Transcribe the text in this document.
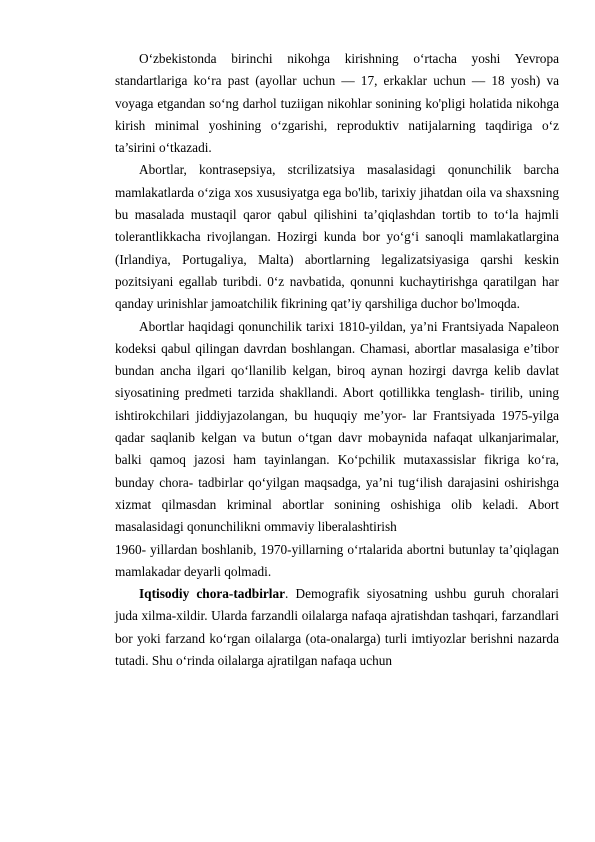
O‘zbekistonda birinchi nikohga kirishning o‘rtacha yoshi Yevropa standartlariga ko‘ra past (ayollar uchun — 17, erkaklar uchun — 18 yosh) va voyaga etgandan so‘ng darhol tuziigan nikohlar sonining ko'pligi holatida nikohga kirish minimal yoshining o‘zgarishi, reproduktiv natijalarning taqdiriga o‘z ta’sirini o‘tkazadi.

Abortlar, kontrasepsiya, stcrilizatsiya masalasidagi qonunchilik barcha mamlakatlarda o‘ziga xos xususiyatga ega bo'lib, tarixiy jihatdan oila va shaxsning bu masalada mustaqil qaror qabul qilishini ta’qiqlashdan tortib to to‘la hajmli tolerantlikkacha rivojlangan. Hozirgi kunda bor yo‘g‘i sanoqli mamlakatlargina (Irlandiya, Portugaliya, Malta) abortlarning legalizatsiyasiga qarshi keskin pozitsiyani egallab turibdi. 0‘z navbatida, qonunni kuchaytirishga qaratilgan har qanday urinishlar jamoatchilik fikrining qat’iy qarshiliga duchor bo'lmoqda.

Abortlar haqidagi qonunchilik tarixi 1810-yildan, ya’ni Frantsiyada Napaleon kodeksi qabul qilingan davrdan boshlangan. Chamasi, abortlar masalasiga e’tibor bundan ancha ilgari qo‘llanilib kelgan, biroq aynan hozirgi davrga kelib davlat siyosatining predmeti tarzida shakllandi. Abort qotillikka tenglash- tirilib, uning ishtirokchilari jiddiyjazolangan, bu huquqiy me’yor- lar Frantsiyada 1975-yilga qadar saqlanib kelgan va butun o‘tgan davr mobaynida nafaqat ulkanjarimalar, balki qamoq jazosi ham tayinlangan. Ko‘pchilik mutaxassislar fikriga ko‘ra, bunday chora- tadbirlar qo‘yilgan maqsadga, ya’ni tug‘ilish darajasini oshirishga xizmat qilmasdan kriminal abortlar sonining oshishiga olib keladi. Abort masalasidagi qonunchilikni ommaviy liberalashtirish

1960- yillardan boshlanib, 1970-yillarning o‘rtalarida abortni butunlay ta’qiqlagan mamlakadar deyarli qolmadi.

Iqtisodiy chora-tadbirlar. Demografik siyosatning ushbu guruh choralari juda xilma-xildir. Ularda farzandli oilalarga nafaqa ajratishdan tashqari, farzandlari bor yoki farzand ko‘rgan oilalarga (ota-onalarga) turli imtiyozlar berishni nazarda tutadi. Shu o‘rinda oilalarga ajratilgan nafaqa uchun
